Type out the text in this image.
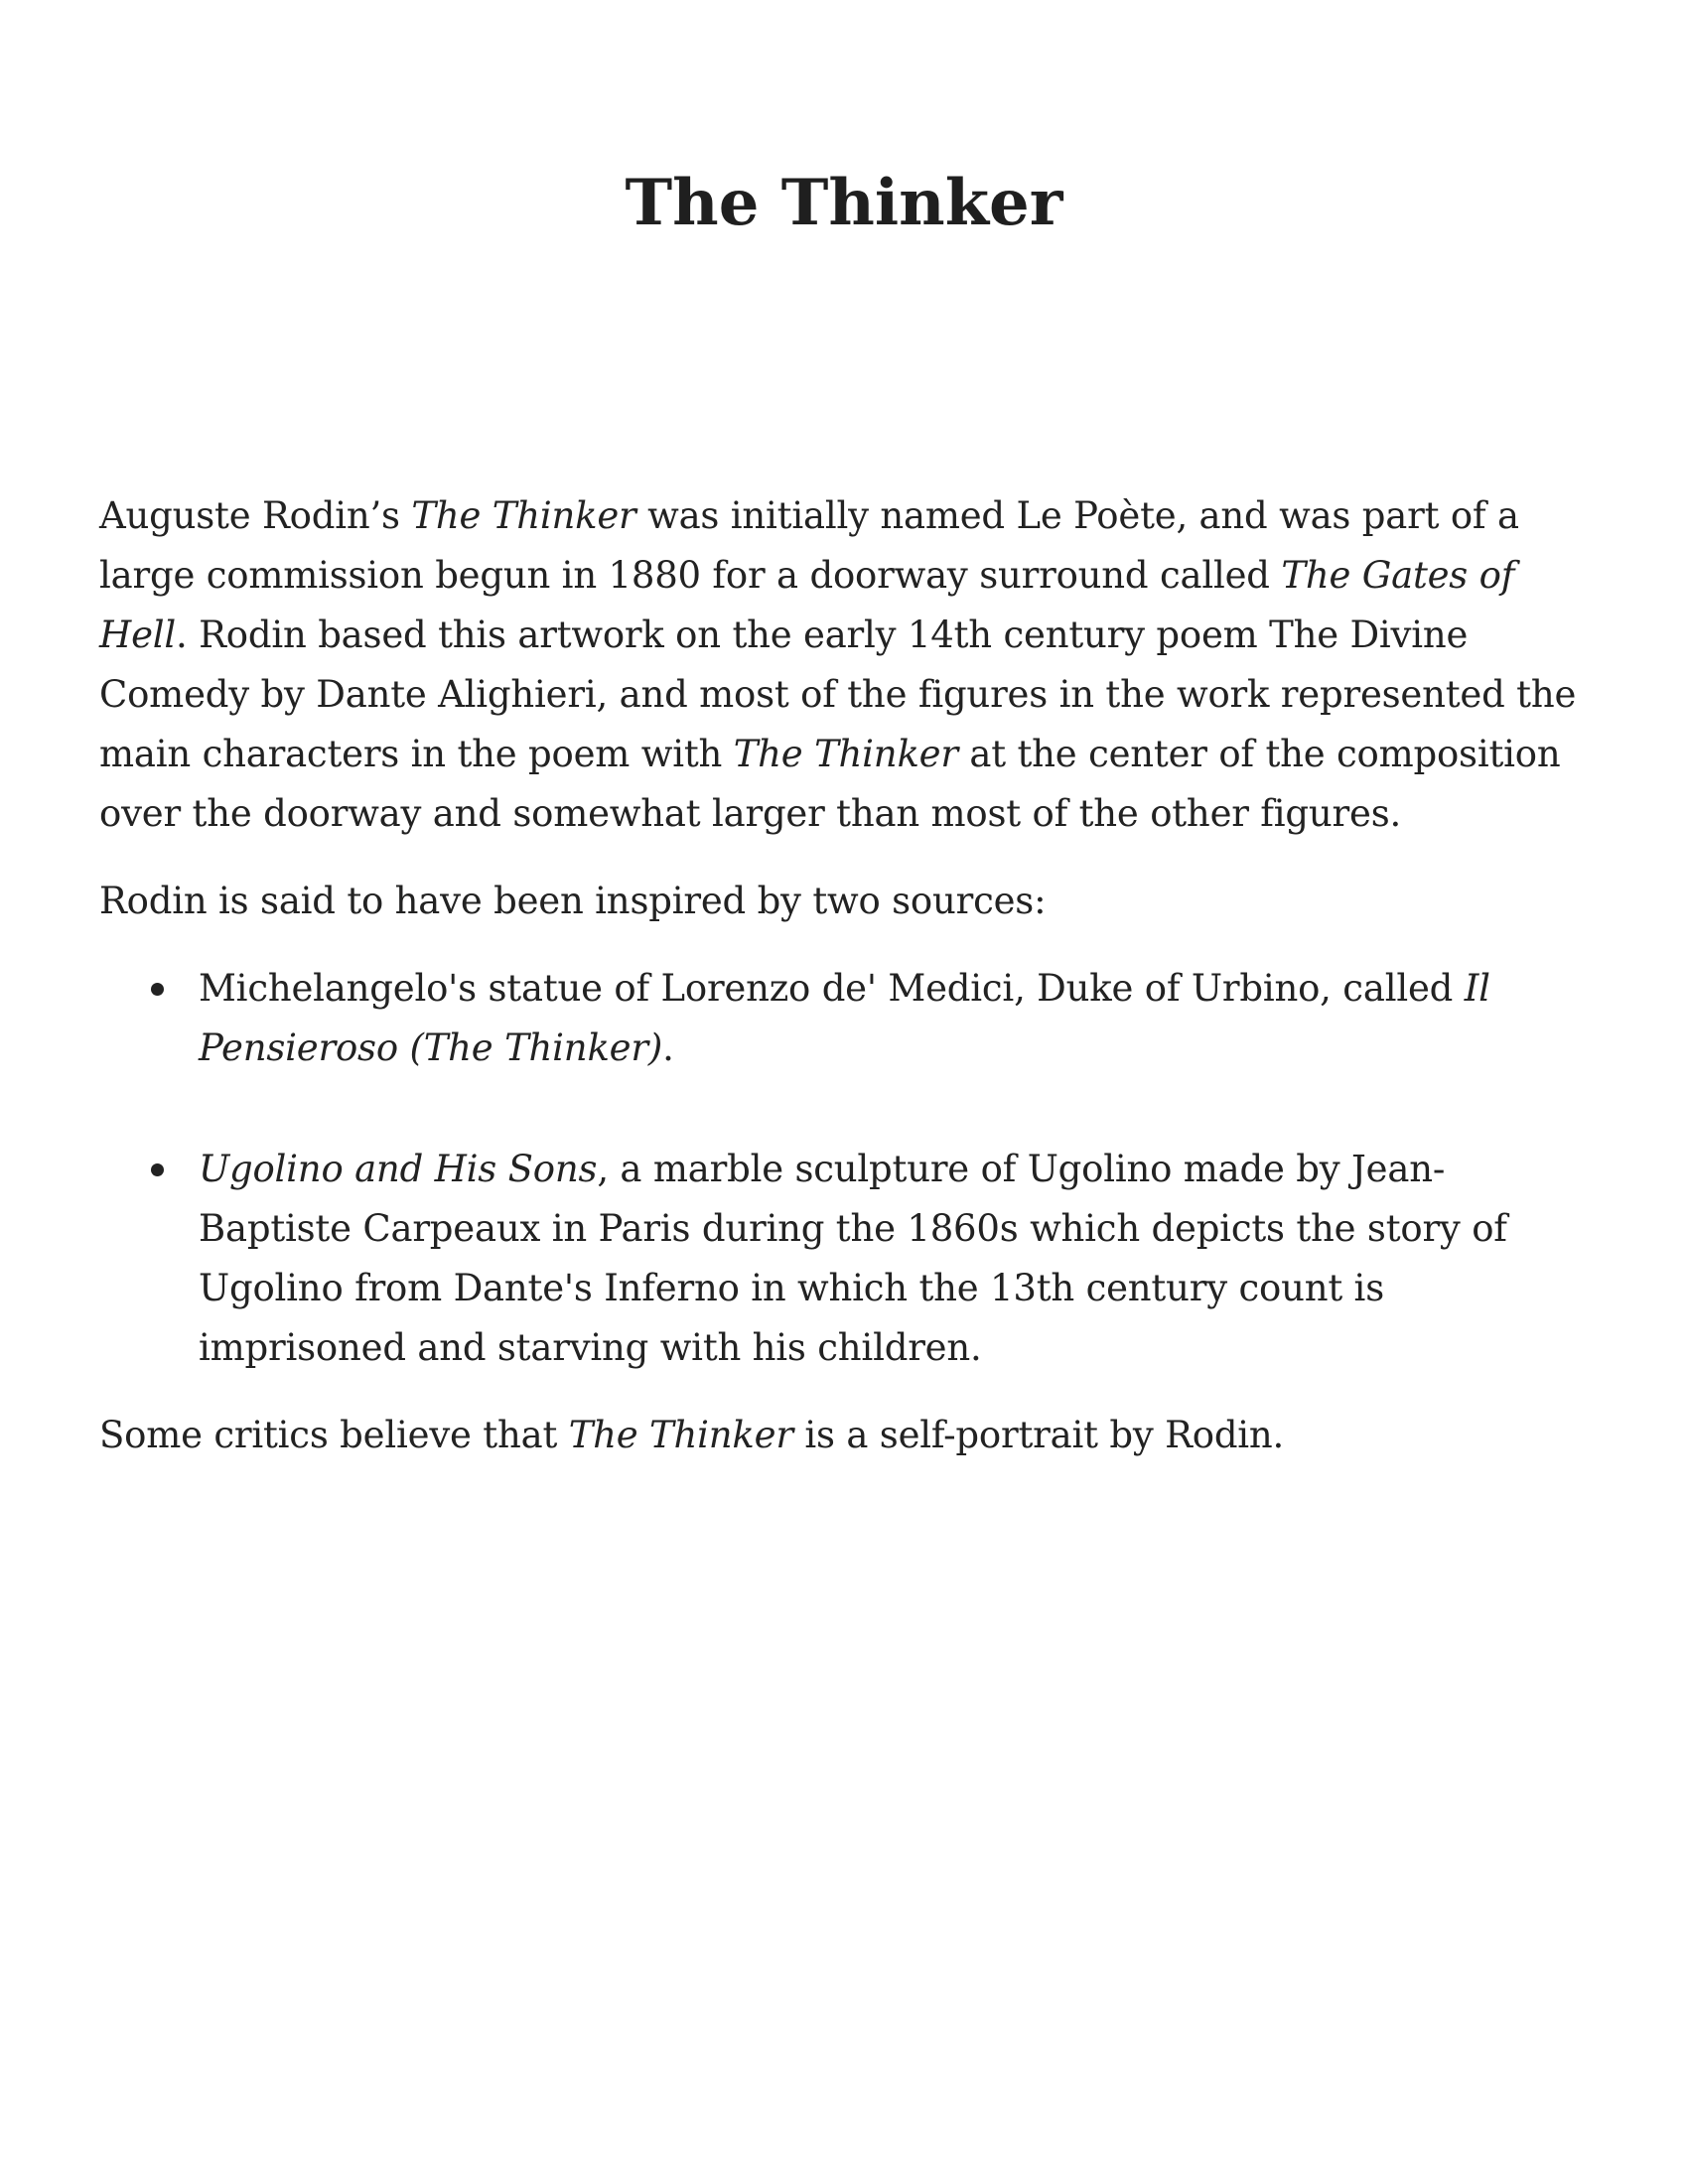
The Thinker

Auguste Rodin’s The Thinker was initially named Le Poète, and was part of a large commission begun in 1880 for a doorway surround called The Gates of Hell. Rodin based this artwork on the early 14th century poem The Divine Comedy by Dante Alighieri, and most of the figures in the work represented the main characters in the poem with The Thinker at the center of the composition over the doorway and somewhat larger than most of the other figures.

Rodin is said to have been inspired by two sources:

Michelangelo's statue of Lorenzo de' Medici, Duke of Urbino, called Il Pensieroso (The Thinker).
Ugolino and His Sons, a marble sculpture of Ugolino made by Jean-Baptiste Carpeaux in Paris during the 1860s which depicts the story of Ugolino from Dante's Inferno in which the 13th century count is imprisoned and starving with his children.

Some critics believe that The Thinker is a self-portrait by Rodin.
